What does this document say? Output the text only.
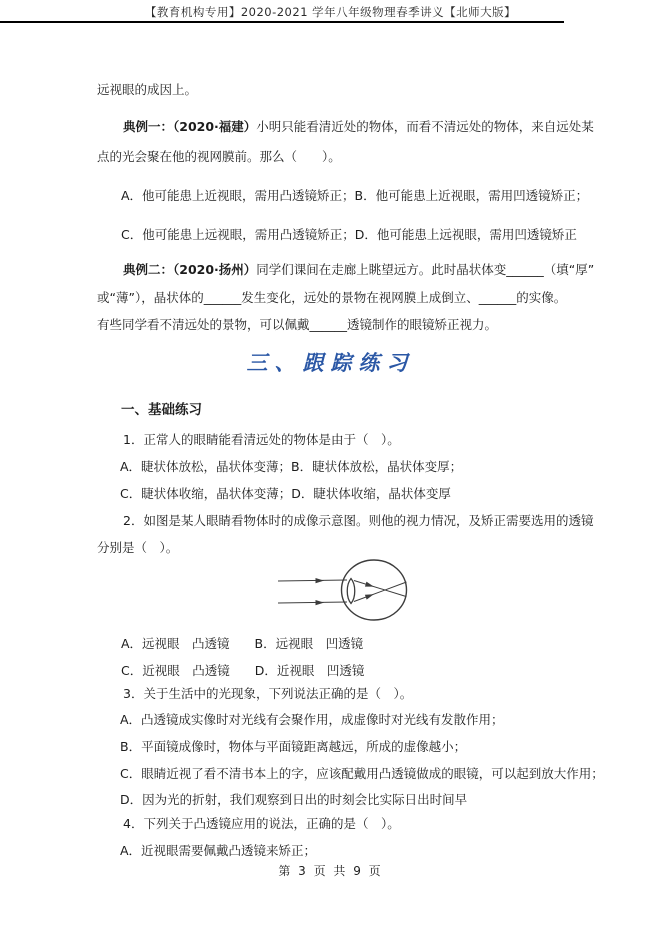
【教育机构专用】2020-2021 学年八年级物理春季讲义【北师大版】
远视眼的成因上。
典例一：（2020·福建）小明只能看清近处的物体，而看不清远处的物体，来自远处某
点的光会聚在他的视网膜前。那么（　　）。
A．他可能患上近视眼，需用凸透镜矫正；B．他可能患上近视眼，需用凹透镜矫正；
C．他可能患上远视眼，需用凸透镜矫正；D．他可能患上远视眼，需用凹透镜矫正
典例二：（2020·扬州）同学们课间在走廊上眺望远方。此时晶状体变______（填“厚”
或“薄”），晶状体的______发生变化，远处的景物在视网膜上成倒立、______的实像。
有些同学看不清远处的景物，可以佩戴______透镜制作的眼镜矫正视力。
三、跟踪练习
一、基础练习
1．正常人的眼睛能看清远处的物体是由于（　）。
A．睫状体放松，晶状体变薄；B．睫状体放松，晶状体变厚；
C．睫状体收缩，晶状体变薄；D．睫状体收缩，晶状体变厚
2．如图是某人眼睛看物体时的成像示意图。则他的视力情况，及矫正需要选用的透镜
分别是（　）。
A．远视眼　凸透镜　　B．远视眼　凹透镜
C．近视眼　凸透镜　　D．近视眼　凹透镜
3．关于生活中的光现象，下列说法正确的是（　）。
A．凸透镜成实像时对光线有会聚作用，成虚像时对光线有发散作用；
B．平面镜成像时，物体与平面镜距离越远，所成的虚像越小；
C．眼睛近视了看不清书本上的字，应该配戴用凸透镜做成的眼镜，可以起到放大作用；
D．因为光的折射，我们观察到日出的时刻会比实际日出时间早
4．下列关于凸透镜应用的说法，正确的是（　）。
A．近视眼需要佩戴凸透镜来矫正；
第 3 页 共 9 页
